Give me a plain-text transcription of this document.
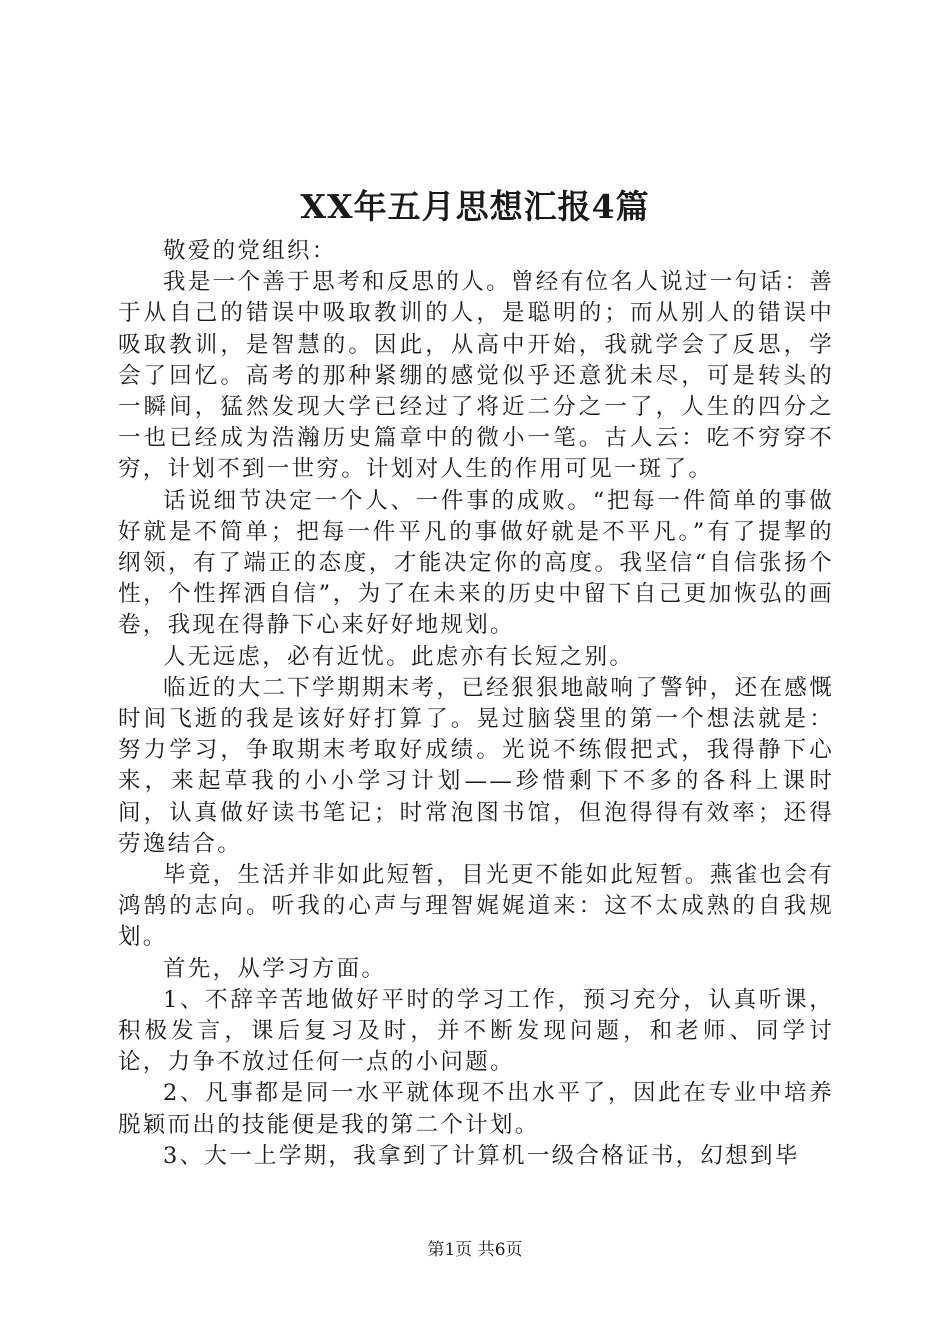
XX年五月思想汇报4篇

敬爱的党组织：

我是一个善于思考和反思的人。曾经有位名人说过一句话：善于从自己的错误中吸取教训的人，是聪明的；而从别人的错误中吸取教训，是智慧的。因此，从高中开始，我就学会了反思，学会了回忆。高考的那种紧绷的感觉似乎还意犹未尽，可是转头的一瞬间，猛然发现大学已经过了将近二分之一了，人生的四分之一也已经成为浩瀚历史篇章中的微小一笔。古人云：吃不穷穿不穷，计划不到一世穷。计划对人生的作用可见一斑了。

话说细节决定一个人、一件事的成败。“把每一件简单的事做好就是不简单；把每一件平凡的事做好就是不平凡。”有了提挈的纲领，有了端正的态度，才能决定你的高度。我坚信“自信张扬个性，个性挥洒自信”，为了在未来的历史中留下自己更加恢弘的画卷，我现在得静下心来好好地规划。

人无远虑，必有近忧。此虑亦有长短之别。

临近的大二下学期期末考，已经狠狠地敲响了警钟，还在感慨时间飞逝的我是该好好打算了。晃过脑袋里的第一个想法就是：努力学习，争取期末考取好成绩。光说不练假把式，我得静下心来，来起草我的小小学习计划——珍惜剩下不多的各科上课时间，认真做好读书笔记；时常泡图书馆，但泡得得有效率；还得劳逸结合。

毕竟，生活并非如此短暂，目光更不能如此短暂。燕雀也会有鸿鹄的志向。听我的心声与理智娓娓道来：这不太成熟的自我规划。

首先，从学习方面。

1、不辞辛苦地做好平时的学习工作，预习充分，认真听课，积极发言，课后复习及时，并不断发现问题，和老师、同学讨论，力争不放过任何一点的小问题。

2、凡事都是同一水平就体现不出水平了，因此在专业中培养脱颖而出的技能便是我的第二个计划。

3、大一上学期，我拿到了计算机一级合格证书，幻想到毕

第1页 共6页
